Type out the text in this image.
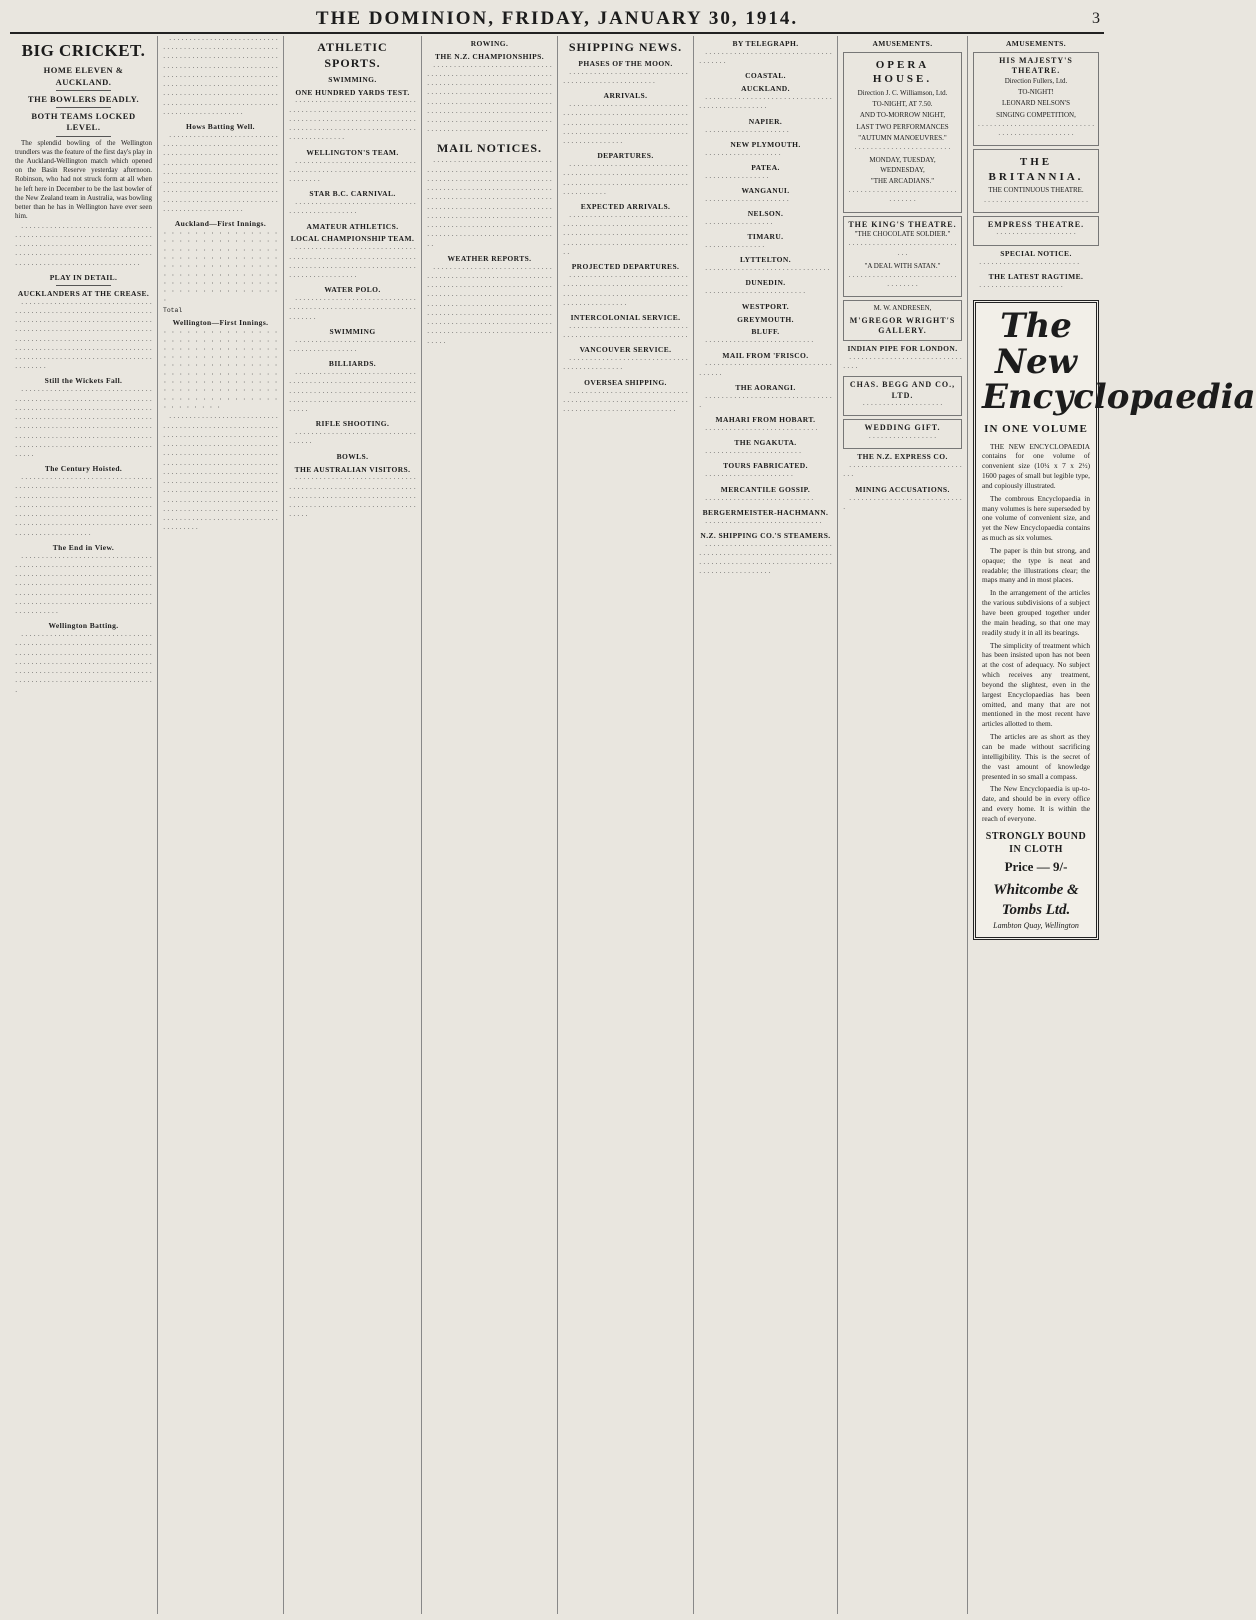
THE DOMINION, FRIDAY, JANUARY 30, 1914.	3
BIG CRICKET.
HOME ELEVEN & AUCKLAND.
THE BOWLERS DEADLY.
BOTH TEAMS LOCKED LEVEL.

The splendid bowling of the Wellington trundlers was the feature of the first day's play in the Auckland-Wellington match which opened on the Basin Reserve yesterday afternoon. Robinson, who had not struck form at all when he left here in December to be the last bowler of the New Zealand team in Australia, was bowling better than he has in Wellington have ever seen him.

· · · · · · · · · · · · · · · · · · · · · · · · · · · · · · · · · · · · · · · · · · · · · · · · · · · · · · · · · · · · · · · · · · · · · · · · · · · · · · · · · · · · · · · · · · · · · · · · · · · · · · · · · · · · · · · · · · · · · · · · · · · · · · · · · · · · · · · · · · · · · · · · · · · · · · · · · · · · · · · · · · · · ·

PLAY IN DETAIL.
AUCKLANDERS AT THE CREASE.

· · · · · · · · · · · · · · · · · · · · · · · · · · · · · · · · · · · · · · · · · · · · · · · · · · · · · · · · · · · · · · · · · · · · · · · · · · · · · · · · · · · · · · · · · · · · · · · · · · · · · · · · · · · · · · · · · · · · · · · · · · · · · · · · · · · · · · · · · · · · · · · · · · · · · · · · · · · · · · · · · · · · · · · · · · · · · · · · · · · · · · · · · · · · · · · · · · · · · · · · · · · · · · · · · · · · · · · · · · · · · · · · · · · · · · · · · · · · · · · · · · · ·

Still the Wickets Fall.

· · · · · · · · · · · · · · · · · · · · · · · · · · · · · · · · · · · · · · · · · · · · · · · · · · · · · · · · · · · · · · · · · · · · · · · · · · · · · · · · · · · · · · · · · · · · · · · · · · · · · · · · · · · · · · · · · · · · · · · · · · · · · · · · · · · · · · · · · · · · · · · · · · · · · · · · · · · · · · · · · · · · · · · · · · · · · · · · · · · · · · · · · · · · · · · · · · · · · · · · · · · · · · · · · · · · · · · · · · · · · · · · · · · · · · · · · · · · · · · · ·

The Century Hoisted.

· · · · · · · · · · · · · · · · · · · · · · · · · · · · · · · · · · · · · · · · · · · · · · · · · · · · · · · · · · · · · · · · · · · · · · · · · · · · · · · · · · · · · · · · · · · · · · · · · · · · · · · · · · · · · · · · · · · · · · · · · · · · · · · · · · · · · · · · · · · · · · · · · · · · · · · · · · · · · · · · · · · · · · · · · · · · · · · · · · · · · · · · · · · · · · · · · · · · · · · · · · · · · · · · · · · · · · · · · · · · ·

The End in View.

· · · · · · · · · · · · · · · · · · · · · · · · · · · · · · · · · · · · · · · · · · · · · · · · · · · · · · · · · · · · · · · · · · · · · · · · · · · · · · · · · · · · · · · · · · · · · · · · · · · · · · · · · · · · · · · · · · · · · · · · · · · · · · · · · · · · · · · · · · · · · · · · · · · · · · · · · · · · · · · · · · · · · · · · · · · · · · · · · · · · · · · · · · · · · · · · · · · · · · · · · · · · · · · · · · · · ·

Wellington Batting.

· · · · · · · · · · · · · · · · · · · · · · · · · · · · · · · · · · · · · · · · · · · · · · · · · · · · · · · · · · · · · · · · · · · · · · · · · · · · · · · · · · · · · · · · · · · · · · · · · · · · · · · · · · · · · · · · · · · · · · · · · · · · · · · · · · · · · · · · · · · · · · · · · · · · · · · · · · · · · · · · · · · · · · · · · · · · · · · · · · · · · · · · · · · · · · · · · · · · · · · · · · ·

· · · · · · · · · · · · · · · · · · · · · · · · · · · · · · · · · · · · · · · · · · · · · · · · · · · · · · · · · · · · · · · · · · · · · · · · · · · · · · · · · · · · · · · · · · · · · · · · · · · · · · · · · · · · · · · · · · · · · · · · · · · · · · · · · · · · · · · · · · · · · · · · · · · · · · · · · · · · · · · · · · · · · · · · · · · · · · · · · · · · · · · · · · · · · · · · · · · · · · · · · · · · · · · · · · · · · · · · · · · · · · · · · · · · · · · · · · · · · · · · · · ·

Hows Batting Well.

· · · · · · · · · · · · · · · · · · · · · · · · · · · · · · · · · · · · · · · · · · · · · · · · · · · · · · · · · · · · · · · · · · · · · · · · · · · · · · · · · · · · · · · · · · · · · · · · · · · · · · · · · · · · · · · · · · · · · · · · · · · · · · · · · · · · · · · · · · · · · · · · · · · · · · · · · · · · · · · · · · · · · · · · · · · · · · · · · · · · · · · · · · · · · · · · · · · · · · · · · · · · · · · · · · · · · · · · · · · · · · · · · · · · · · · · · · · · · · · · · · ·

Auckland—First Innings.

· · · · · · · · · · · · · · · · · · · · · · · · · · · · · · · · · · · · · · · · · · · · · · · · · · · · · · · · · · · · · · · · · · · · · · · · · · · · · · · · · · · · · · · · · · · · · · · · · · · · · · · · · · · · · · · · · · · · · · · · ·

Total

Wellington—First Innings.

· · · · · · · · · · · · · · · · · · · · · · · · · · · · · · · · · · · · · · · · · · · · · · · · · · · · · · · · · · · · · · · · · · · · · · · · · · · · · · · · · · · · · · · · · · · · · · · · · · · · · · · · · · · · · · · · · · · · · · · · · · · · · · · · · · · · · · · · · · · · · · ·

· · · · · · · · · · · · · · · · · · · · · · · · · · · · · · · · · · · · · · · · · · · · · · · · · · · · · · · · · · · · · · · · · · · · · · · · · · · · · · · · · · · · · · · · · · · · · · · · · · · · · · · · · · · · · · · · · · · · · · · · · · · · · · · · · · · · · · · · · · · · · · · · · · · · · · · · · · · · · · · · · · · · · · · · · · · · · · · · · · · · · · · · · · · · · · · · · · · · · · · · · · · · · · · · · · · · · · · · · · · · · · · · · · · · · · · · · · · · · · · · · · · · · · · · · · · · · · · · · · · · · · · · · · · · · · · · · · · · · · · · · · · · · · · · · · · · · · · · · · · · · · · · · · · · · · · · · · · · · · · · · · · · · · · · · · · · · · · · · · · · · · · ·

ATHLETIC SPORTS.
SWIMMING.
ONE HUNDRED YARDS TEST.

· · · · · · · · · · · · · · · · · · · · · · · · · · · · · · · · · · · · · · · · · · · · · · · · · · · · · · · · · · · · · · · · · · · · · · · · · · · · · · · · · · · · · · · · · · · · · · · · · · · · · · · · · · · · · · · · · · · · · · · · · · · · · · · · · · · · · · · · ·

WELLINGTON'S TEAM.

· · · · · · · · · · · · · · · · · · · · · · · · · · · · · · · · · · · · · · · · · · · · · · · · · · · · · · · · · · · · · · · · · · · · ·

STAR B.C. CARNIVAL.

· · · · · · · · · · · · · · · · · · · · · · · · · · · · · · · · · · · · · · · · · · · · · · ·

AMATEUR ATHLETICS.
LOCAL CHAMPIONSHIP TEAM.

· · · · · · · · · · · · · · · · · · · · · · · · · · · · · · · · · · · · · · · · · · · · · · · · · · · · · · · · · · · · · · · · · · · · · · · · · · · · · · · · · · · · · · · · · · · · · · · · · · · · · · · · · · · · ·

WATER POLO.

· · · · · · · · · · · · · · · · · · · · · · · · · · · · · · · · · · · · · · · · · · · · · · · · · · · · · · · · · · · · · · · · · · · ·

SWIMMING

· · · · · · · · · · · · · · · · · · · · · · · · · · · · · · · · · · · · · · · · · · · · · · ·

BILLIARDS.

· · · · · · · · · · · · · · · · · · · · · · · · · · · · · · · · · · · · · · · · · · · · · · · · · · · · · · · · · · · · · · · · · · · · · · · · · · · · · · · · · · · · · · · · · · · · · · · · · · · · · · · · · · · · · · · · · · · · · · · · · · · · · · · ·

RIFLE SHOOTING.

· · · · · · · · · · · · · · · · · · · · · · · · · · · · · · · · · · · ·

BOWLS.
THE AUSTRALIAN VISITORS.

· · · · · · · · · · · · · · · · · · · · · · · · · · · · · · · · · · · · · · · · · · · · · · · · · · · · · · · · · · · · · · · · · · · · · · · · · · · · · · · · · · · · · · · · · · · · · · · · · · · · · · · · · · · · · · · · · · · · · · · · · · · · · · · ·

ROWING.
THE N.Z. CHAMPIONSHIPS.

· · · · · · · · · · · · · · · · · · · · · · · · · · · · · · · · · · · · · · · · · · · · · · · · · · · · · · · · · · · · · · · · · · · · · · · · · · · · · · · · · · · · · · · · · · · · · · · · · · · · · · · · · · · · · · · · · · · · · · · · · · · · · · · · · · · · · · · · · · · · · · · · · · · · · · · · · · · · · · · · · · · · · · · · · · · · · · · · · · · · · · · · · · · · · · · · · · · · · · · · · · · · · · · · · · · · · · · · · · · · · · · · · · · · · · · · · · · · · · · · · · · · ·

MAIL NOTICES.

· · · · · · · · · · · · · · · · · · · · · · · · · · · · · · · · · · · · · · · · · · · · · · · · · · · · · · · · · · · · · · · · · · · · · · · · · · · · · · · · · · · · · · · · · · · · · · · · · · · · · · · · · · · · · · · · · · · · · · · · · · · · · · · · · · · · · · · · · · · · · · · · · · · · · · · · · · · · · · · · · · · · · · · · · · · · · · · · · · · · · · · · · · · · · · · · · · · · · · · · · · · · · · · · · · · · · · · · · · · · · · · · · · · · · · · · · · · · · · · · · · · · · · · · · · · · · · · · · · · · · · · · · · · · · · · · · · · · · · ·

WEATHER REPORTS.

· · · · · · · · · · · · · · · · · · · · · · · · · · · · · · · · · · · · · · · · · · · · · · · · · · · · · · · · · · · · · · · · · · · · · · · · · · · · · · · · · · · · · · · · · · · · · · · · · · · · · · · · · · · · · · · · · · · · · · · · · · · · · · · · · · · · · · · · · · · · · · · · · · · · · · · · · · · · · · · · · · · · · · · · · · · · · · · · · · · · · · · · · · · · · · · · · · · · · · · · · · · · · · · · · · · · · · · · · · · · · · · · · · · · · · · · · · · · · · · · · · · · · · · · · · ·

SHIPPING NEWS.
PHASES OF THE MOON.

· · · · · · · · · · · · · · · · · · · · · · · · · · · · · · · · · · · · · · · · · · · · · · · · · · · ·

ARRIVALS.

· · · · · · · · · · · · · · · · · · · · · · · · · · · · · · · · · · · · · · · · · · · · · · · · · · · · · · · · · · · · · · · · · · · · · · · · · · · · · · · · · · · · · · · · · · · · · · · · · · · · · · · · · · · · · · · · · · · · · · · · · · · · · · · · · · · · · · · · ·

DEPARTURES.

· · · · · · · · · · · · · · · · · · · · · · · · · · · · · · · · · · · · · · · · · · · · · · · · · · · · · · · · · · · · · · · · · · · · · · · · · · · · · · · · · · · · · · · · · · · · · · · · · · · · · ·

EXPECTED ARRIVALS.

· · · · · · · · · · · · · · · · · · · · · · · · · · · · · · · · · · · · · · · · · · · · · · · · · · · · · · · · · · · · · · · · · · · · · · · · · · · · · · · · · · · · · · · · · · · · · · · · · · · · · · · · · · · · · · · · · · · · · · · · · · · ·

PROJECTED DEPARTURES.

· · · · · · · · · · · · · · · · · · · · · · · · · · · · · · · · · · · · · · · · · · · · · · · · · · · · · · · · · · · · · · · · · · · · · · · · · · · · · · · · · · · · · · · · · · · · · · · · · · · · · · · · · · ·

INTERCOLONIAL SERVICE.

· · · · · · · · · · · · · · · · · · · · · · · · · · · · · · · · · · · · · · · · · · · · · · · · · · · · · · · · · · · ·

VANCOUVER SERVICE.

· · · · · · · · · · · · · · · · · · · · · · · · · · · · · · · · · · · · · · · · · · · ·

OVERSEA SHIPPING.

· · · · · · · · · · · · · · · · · · · · · · · · · · · · · · · · · · · · · · · · · · · · · · · · · · · · · · · · · · · · · · · · · · · · · · · · · · · · · · · · · · · · · · · ·

BY TELEGRAPH.

· · · · · · · · · · · · · · · · · · · · · · · · · · · · · · · · · · · · · ·

COASTAL.
AUCKLAND.

· · · · · · · · · · · · · · · · · · · · · · · · · · · · · · · · · · · · · · · · · · · · · · · ·

NAPIER.

· · · · · · · · · · · · · · · · · · · · ·

NEW PLYMOUTH.

· · · · · · · · · · · · · · · · · · ·

PATEA.

· · · · · · · · · · · · · · · ·

WANGANUI.

· · · · · · · · · · · · · · · · · · · · ·

NELSON.

· · · · · · · · · · · · · · · · ·

TIMARU.

· · · · · · · · · · · · · · ·

LYTTELTON.

· · · · · · · · · · · · · · · · · · · · · · · · · · · · · · ·

DUNEDIN.

· · · · · · · · · · · · · · · · · · · · · · · · ·

WESTPORT.
GREYMOUTH.
BLUFF.

· · · · · · · · · · · · · · · · · · · · · · · · · · ·

MAIL FROM 'FRISCO.

· · · · · · · · · · · · · · · · · · · · · · · · · · · · · · · · · · · · ·

THE AORANGI.

· · · · · · · · · · · · · · · · · · · · · · · · · · · · · · · ·

MAHARI FROM HOBART.

· · · · · · · · · · · · · · · · · · · · · · · · · · · ·

THE NGAKUTA.

· · · · · · · · · · · · · · · · · · · · · · · ·

TOURS FABRICATED.

· · · · · · · · · · · · · · · · · · · · · ·

MERCANTILE GOSSIP.

· · · · · · · · · · · · · · · · · · · · · · · · · · ·

BERGERMEISTER-HACHMANN.

· · · · · · · · · · · · · · · · · · · · · · · · · · · · ·

N.Z. SHIPPING CO.'S STEAMERS.

· · · · · · · · · · · · · · · · · · · · · · · · · · · · · · · · · · · · · · · · · · · · · · · · · · · · · · · · · · · · · · · · · · · · · · · · · · · · · · · · · · · · · · · · · · · · · · · · · · · · · · · · · · · · · · · · · · ·

AMUSEMENTS.
OPERA HOUSE.

Direction J. C. Williamson, Ltd.

TO-NIGHT, AT 7.50.

AND TO-MORROW NIGHT,

LAST TWO PERFORMANCES

"AUTUMN MANOEUVRES."

· · · · · · · · · · · · · · · · · · · · · · · ·

MONDAY, TUESDAY, WEDNESDAY,

"THE ARCADIANS."

· · · · · · · · · · · · · · · · · · · · · · · · · · · · · · · · · ·

THE KING'S THEATRE.

"THE CHOCOLATE SOLDIER."

· · · · · · · · · · · · · · · · · · · · · · · · · · · · · ·

"A DEAL WITH SATAN."

· · · · · · · · · · · · · · · · · · · · · · · · · · · · · · · · · · ·

M. W. ANDRESEN,

M'GREGOR WRIGHT'S GALLERY.
INDIAN PIPE FOR LONDON.

· · · · · · · · · · · · · · · · · · · · · · · · · · · · · · · ·

CHAS. BEGG AND CO., LTD.

· · · · · · · · · · · · · · · · · · · ·

WEDDING GIFT.

· · · · · · · · · · · · · · · · ·

THE N.Z. EXPRESS CO.

· · · · · · · · · · · · · · · · · · · · · · · · · · · · · · ·

MINING ACCUSATIONS.

· · · · · · · · · · · · · · · · · · · · · · · · · · · · ·

AMUSEMENTS.
HIS MAJESTY'S THEATRE.

Direction Fullers, Ltd.

TO-NIGHT!

LEONARD NELSON'S

SINGING COMPETITION,

· · · · · · · · · · · · · · · · · · · · · · · · · · · · · · · · · · · · · · · · · · · · · · · ·

THE BRITANNIA.

THE CONTINUOUS THEATRE.

· · · · · · · · · · · · · · · · · · · · · · · · · ·

EMPRESS THEATRE.

· · · · · · · · · · · · · · · · · · · ·

SPECIAL NOTICE.

· · · · · · · · · · · · · · · · · · · · · · · · ·

THE LATEST RAGTIME.

· · · · · · · · · · · · · · · · · · · · ·

The New
Encyclopaedia
IN ONE VOLUME

THE NEW ENCYCLOPAEDIA contains for one volume of convenient size (10¼ x 7 x 2½) 1600 pages of small but legible type, and copiously illustrated.

The combrous Encyclopaedia in many volumes is here superseded by one volume of convenient size, and yet the New Encyclopaedia contains as much as six volumes.

The paper is thin but strong, and opaque; the type is neat and readable; the illustrations clear; the maps many and in most places.

In the arrangement of the articles the various subdivisions of a subject have been grouped together under the main heading, so that one may readily study it in all its bearings.

The simplicity of treatment which has been insisted upon has not been at the cost of adequacy. No subject which receives any treatment, beyond the slightest, even in the largest Encyclopaedias has been omitted, and many that are not mentioned in the most recent have articles allotted to them.

The articles are as short as they can be made without sacrificing intelligibility. This is the secret of the vast amount of knowledge presented in so small a compass.

The New Encyclopaedia is up-to-date, and should be in every office and every home. It is within the reach of everyone.

STRONGLY BOUND IN CLOTH
Price — 9/-
Whitcombe & Tombs Ltd.
Lambton Quay, Wellington
